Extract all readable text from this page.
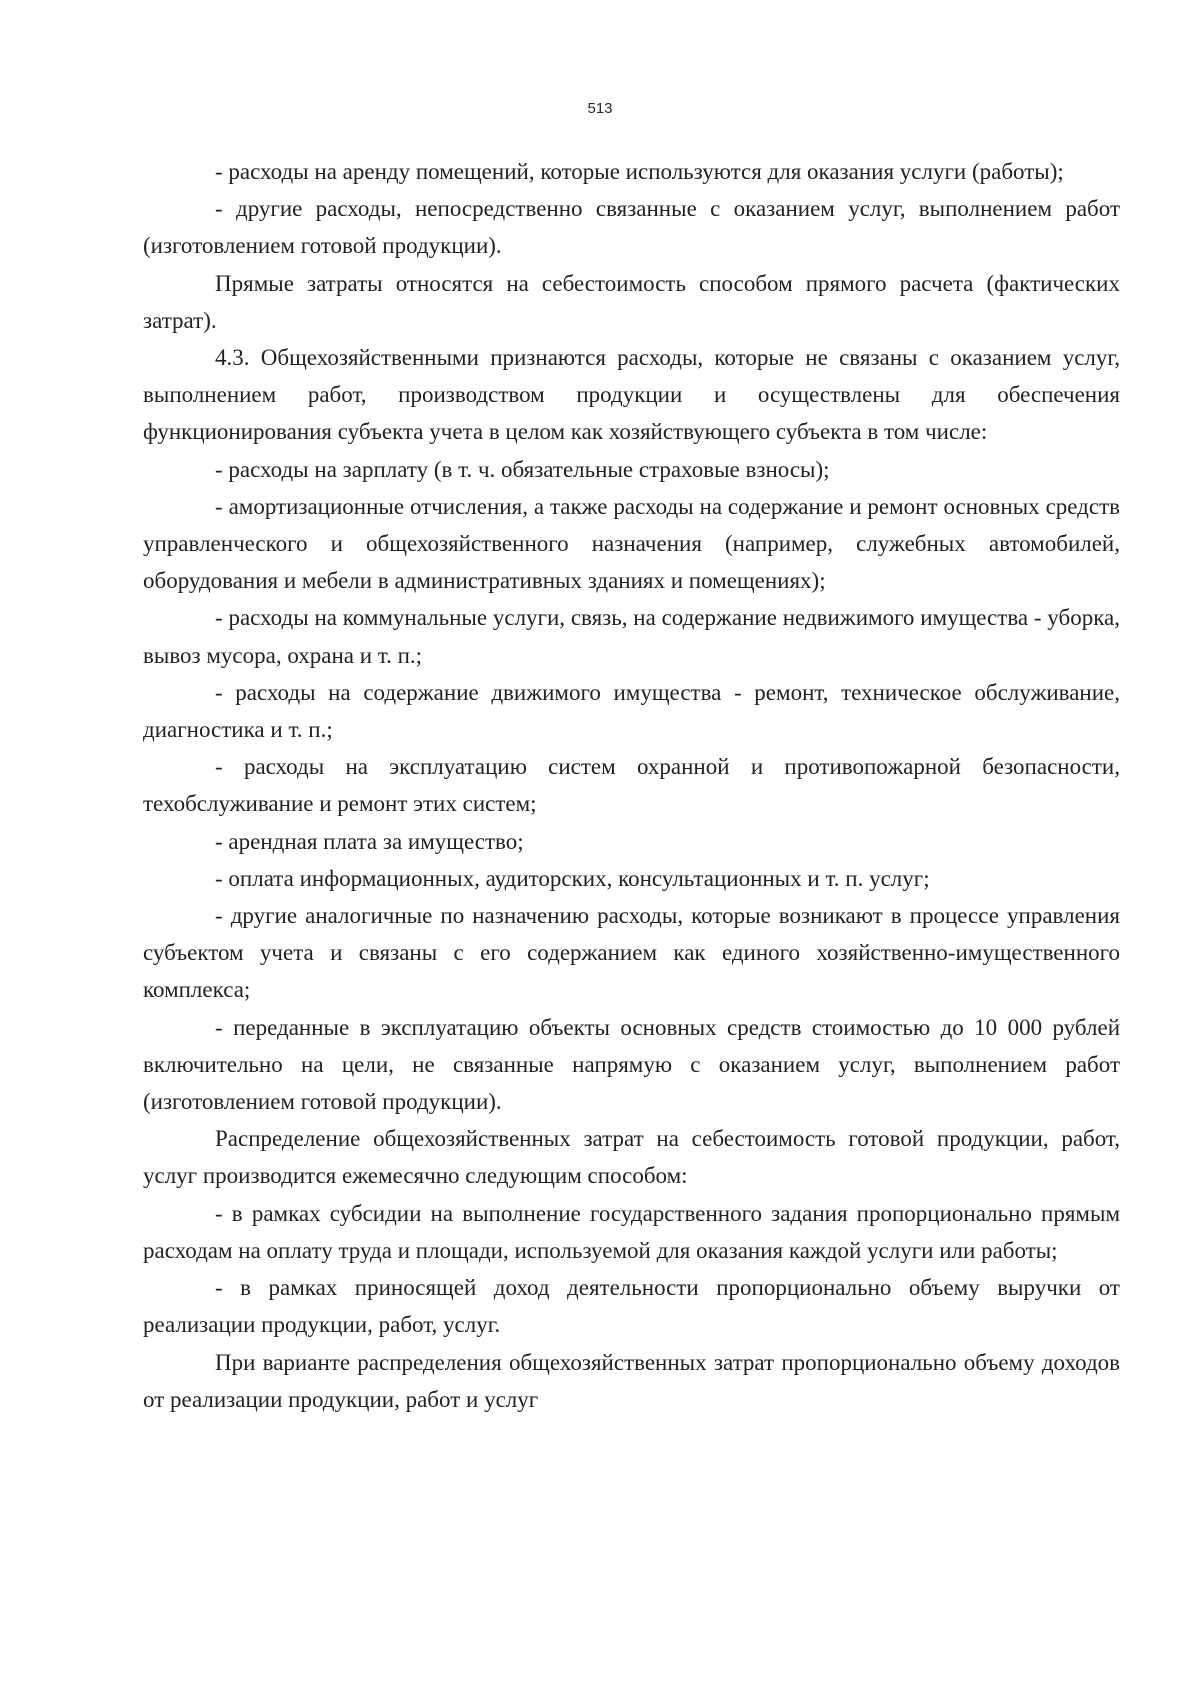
513

- расходы на аренду помещений, которые используются для оказания услуги (работы);

- другие расходы, непосредственно связанные с оказанием услуг, выполнением работ (изготовлением готовой продукции).

Прямые затраты относятся на себестоимость способом прямого расчета (фактических затрат).

4.3. Общехозяйственными признаются расходы, которые не связаны с оказанием услуг, выполнением работ, производством продукции и осуществлены для обеспечения функционирования субъекта учета в целом как хозяйствующего субъекта в том числе:

- расходы на зарплату (в т. ч. обязательные страховые взносы);

- амортизационные отчисления, а также расходы на содержание и ремонт основных средств управленческого и общехозяйственного назначения (например, служебных автомобилей, оборудования и мебели в административных зданиях и помещениях);

- расходы на коммунальные услуги, связь, на содержание недвижимого имущества - уборка, вывоз мусора, охрана и т. п.;

- расходы на содержание движимого имущества - ремонт, техническое обслуживание, диагностика и т. п.;

- расходы на эксплуатацию систем охранной и противопожарной безопасности, техобслуживание и ремонт этих систем;

- арендная плата за имущество;

- оплата информационных, аудиторских, консультационных и т. п. услуг;

- другие аналогичные по назначению расходы, которые возникают в процессе управления субъектом учета и связаны с его содержанием как единого хозяйственно-имущественного комплекса;

- переданные в эксплуатацию объекты основных средств стоимостью до 10 000 рублей включительно на цели, не связанные напрямую с оказанием услуг, выполнением работ (изготовлением готовой продукции).

Распределение общехозяйственных затрат на себестоимость готовой продукции, работ, услуг производится ежемесячно следующим способом:

- в рамках субсидии на выполнение государственного задания пропорционально прямым расходам на оплату труда и площади, используемой для оказания каждой услуги или работы;

- в рамках приносящей доход деятельности пропорционально объему выручки от реализации продукции, работ, услуг.

При варианте распределения общехозяйственных затрат пропорционально объему доходов от реализации продукции, работ и услуг
